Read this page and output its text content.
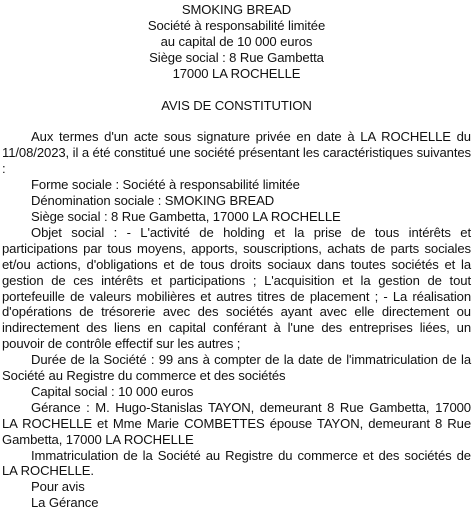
SMOKING BREAD
Société à responsabilité limitée
au capital de 10 000 euros
Siège social : 8 Rue Gambetta
17000 LA ROCHELLE
AVIS DE CONSTITUTION

Aux termes d'un acte sous signature privée en date à LA ROCHELLE du 11/08/2023, il a été constitué une société présentant les caractéristiques suivantes :

Forme sociale : Société à responsabilité limitée

Dénomination sociale : SMOKING BREAD

Siège social : 8 Rue Gambetta, 17000 LA ROCHELLE

Objet social : - L'activité de holding et la prise de tous intérêts et participations par tous moyens, apports, souscriptions, achats de parts sociales et/ou actions, d'obligations et de tous droits sociaux dans toutes sociétés et la gestion de ces intérêts et participations ; L'acquisition et la gestion de tout portefeuille de valeurs mobilières et autres titres de placement ; - La réalisation d'opérations de trésorerie avec des sociétés ayant avec elle directement ou indirectement des liens en capital conférant à l'une des entreprises liées, un pouvoir de contrôle effectif sur les autres ;

Durée de la Société : 99 ans à compter de la date de l'immatriculation de la Société au Registre du commerce et des sociétés

Capital social : 10 000 euros

Gérance : M. Hugo-Stanislas TAYON, demeurant 8 Rue Gambetta, 17000 LA ROCHELLE et Mme Marie COMBETTES épouse TAYON, demeurant 8 Rue Gambetta, 17000 LA ROCHELLE

Immatriculation de la Société au Registre du commerce et des sociétés de LA ROCHELLE.

Pour avis

La Gérance
